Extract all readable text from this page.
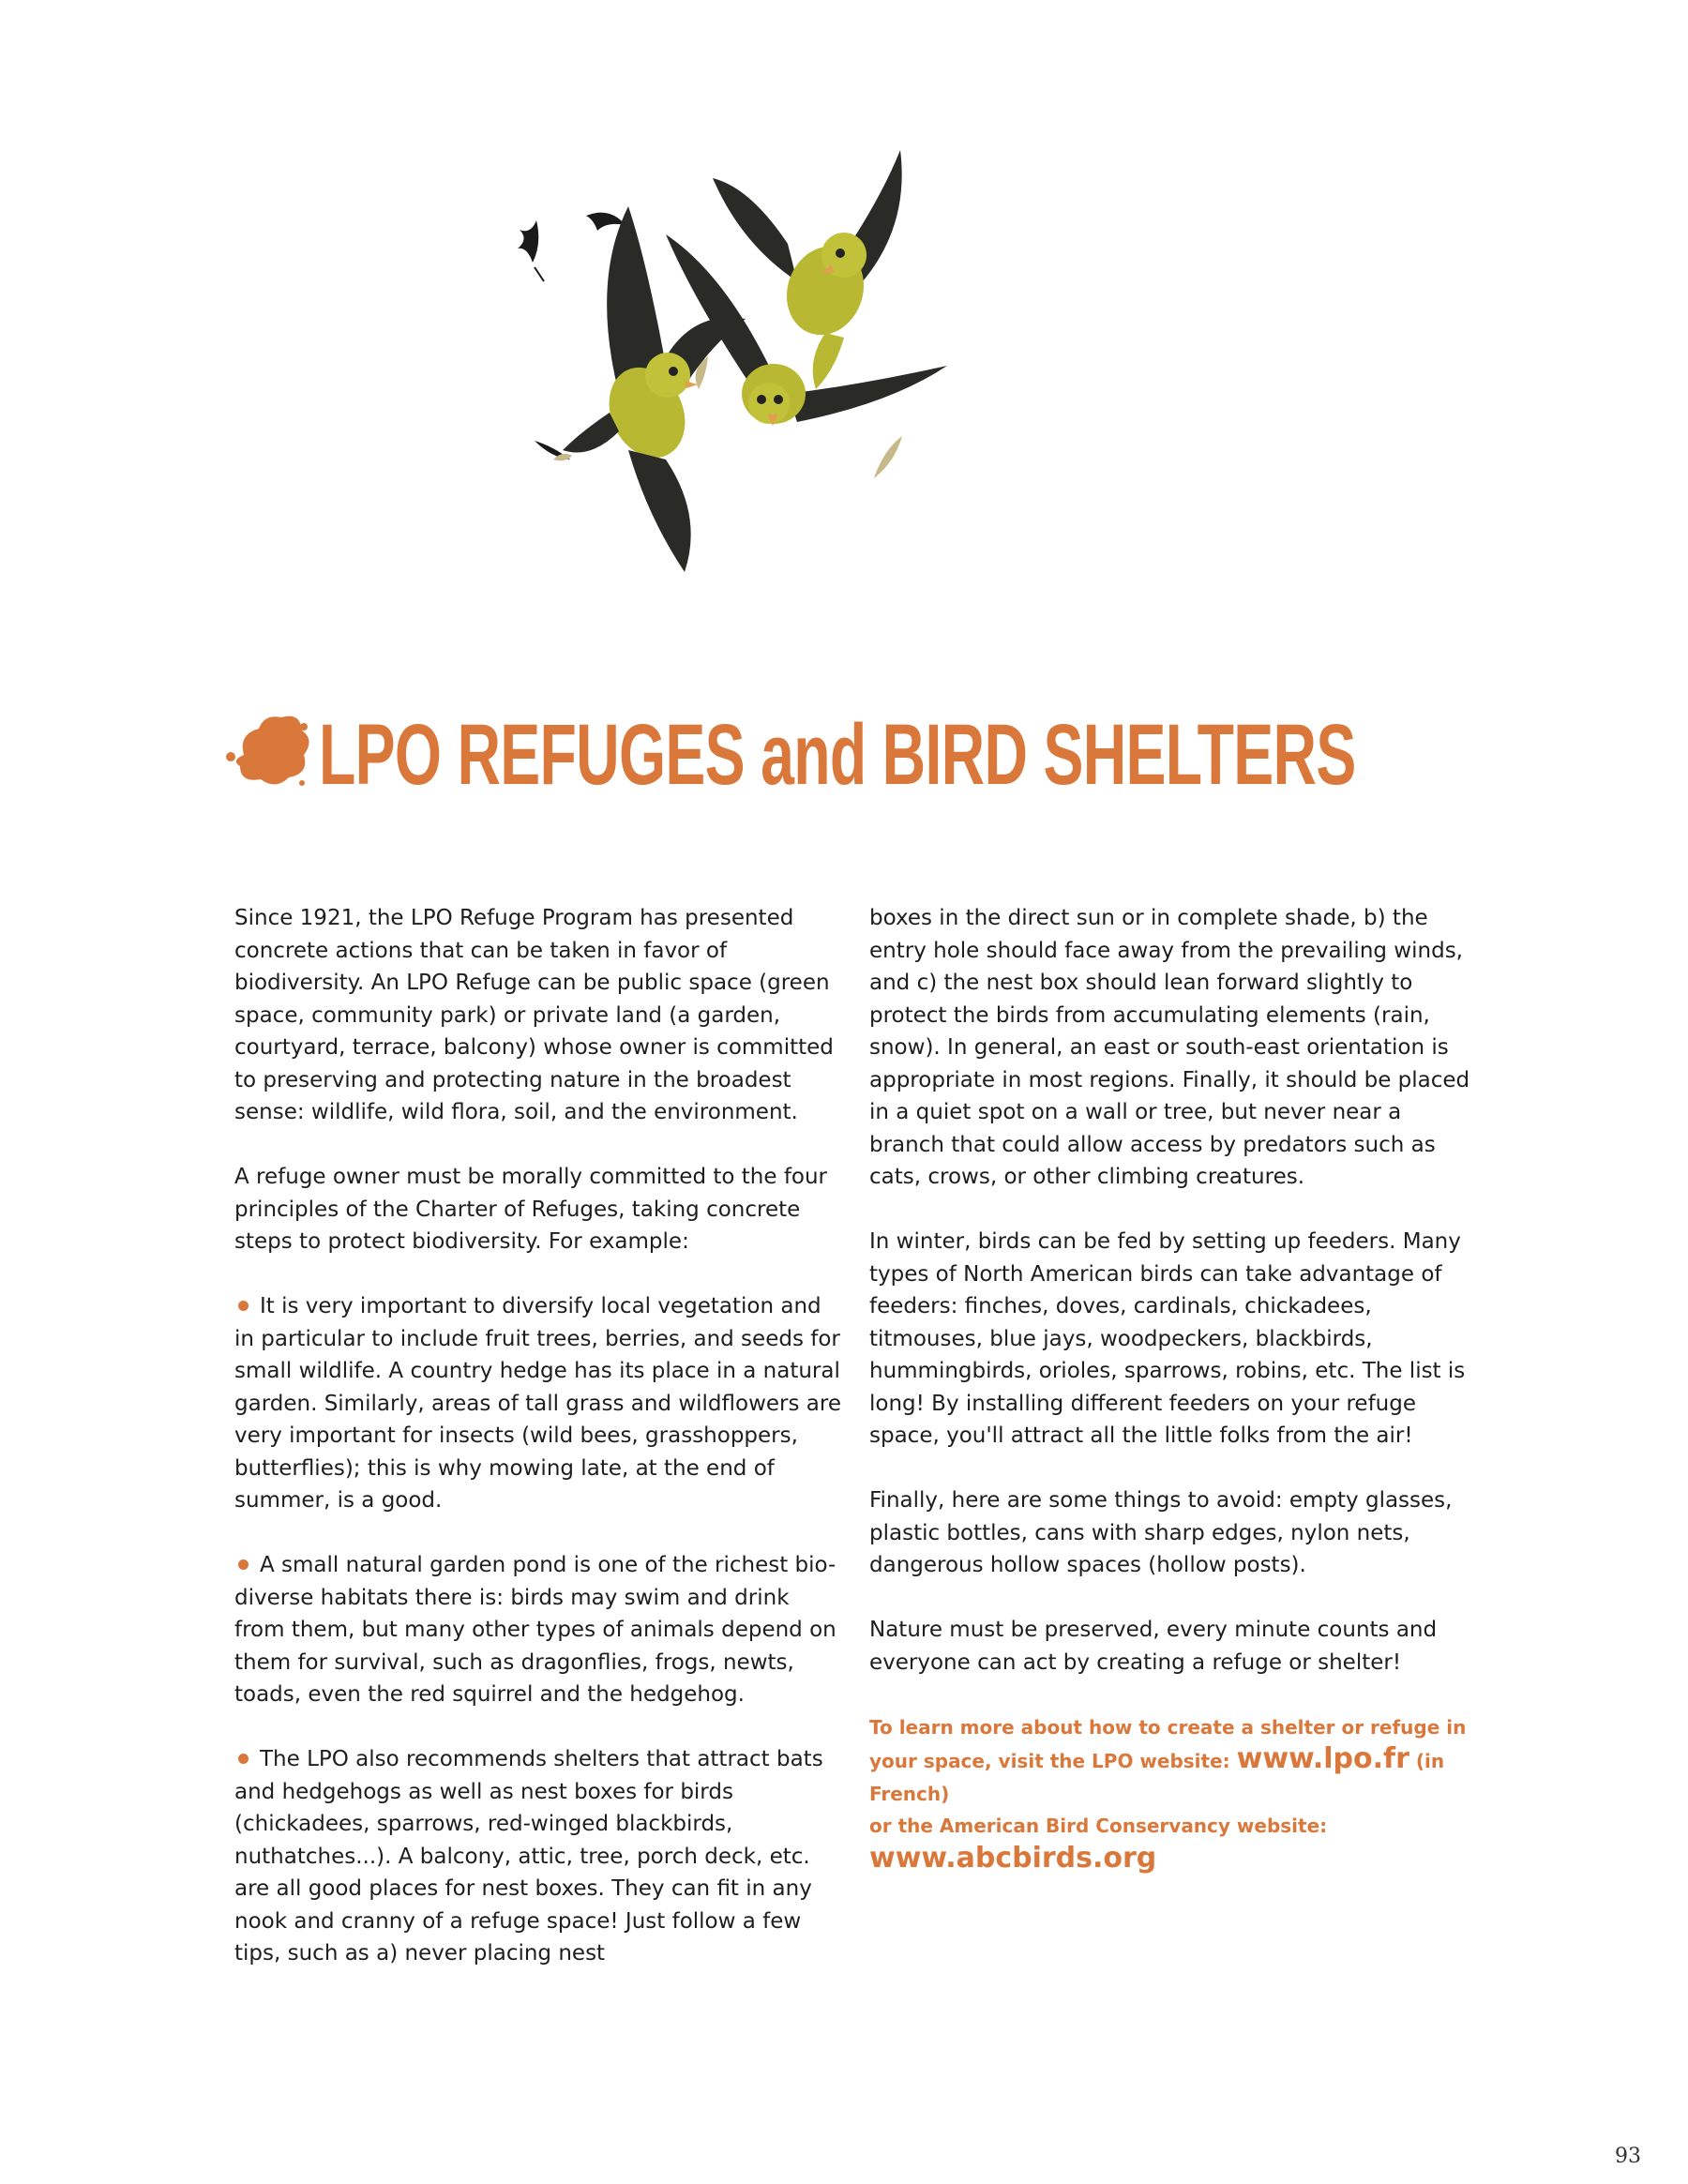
LPO REFUGES and BIRD SHELTERS

Since 1921, the LPO Refuge Program has presented concrete actions that can be taken in favor of biodiversity. An LPO Refuge can be public space (green space, community park) or private land (a garden, courtyard, terrace, balcony) whose owner is committed to preserving and protecting nature in the broadest sense: wildlife, wild flora, soil, and the environment.

A refuge owner must be morally committed to the four principles of the Charter of Refuges, taking concrete steps to protect biodiversity. For example:

It is very important to diversify local vegetation and in particular to include fruit trees, berries, and seeds for small wildlife. A country hedge has its place in a natural garden. Similarly, areas of tall grass and wildflowers are very important for insects (wild bees, grasshoppers, butterflies); this is why mowing late, at the end of summer, is a good.

A small natural garden pond is one of the richest bio-diverse habitats there is: birds may swim and drink from them, but many other types of animals depend on them for survival, such as dragonflies, frogs, newts, toads, even the red squirrel and the hedgehog.

The LPO also recommends shelters that attract bats and hedgehogs as well as nest boxes for birds (chickadees, sparrows, red-winged blackbirds, nuthatches...). A balcony, attic, tree, porch deck, etc. are all good places for nest boxes. They can fit in any nook and cranny of a refuge space! Just follow a few tips, such as a) never placing nest

boxes in the direct sun or in complete shade, b) the entry hole should face away from the prevailing winds, and c) the nest box should lean forward slightly to protect the birds from accumulating elements (rain, snow). In general, an east or south-east orientation is appropriate in most regions. Finally, it should be placed in a quiet spot on a wall or tree, but never near a branch that could allow access by predators such as cats, crows, or other climbing creatures.

In winter, birds can be fed by setting up feeders. Many types of North American birds can take advantage of feeders: finches, doves, cardinals, chickadees, titmouses, blue jays, woodpeckers, blackbirds, hummingbirds, orioles, sparrows, robins, etc. The list is long! By installing different feeders on your refuge space, you'll attract all the little folks from the air!

Finally, here are some things to avoid: empty glasses, plastic bottles, cans with sharp edges, nylon nets, dangerous hollow spaces (hollow posts).

Nature must be preserved, every minute counts and everyone can act by creating a refuge or shelter!

To learn more about how to create a shelter or refuge in your space, visit the LPO website: www.lpo.fr (in French)
or the American Bird Conservancy website:
www.abcbirds.org
93
